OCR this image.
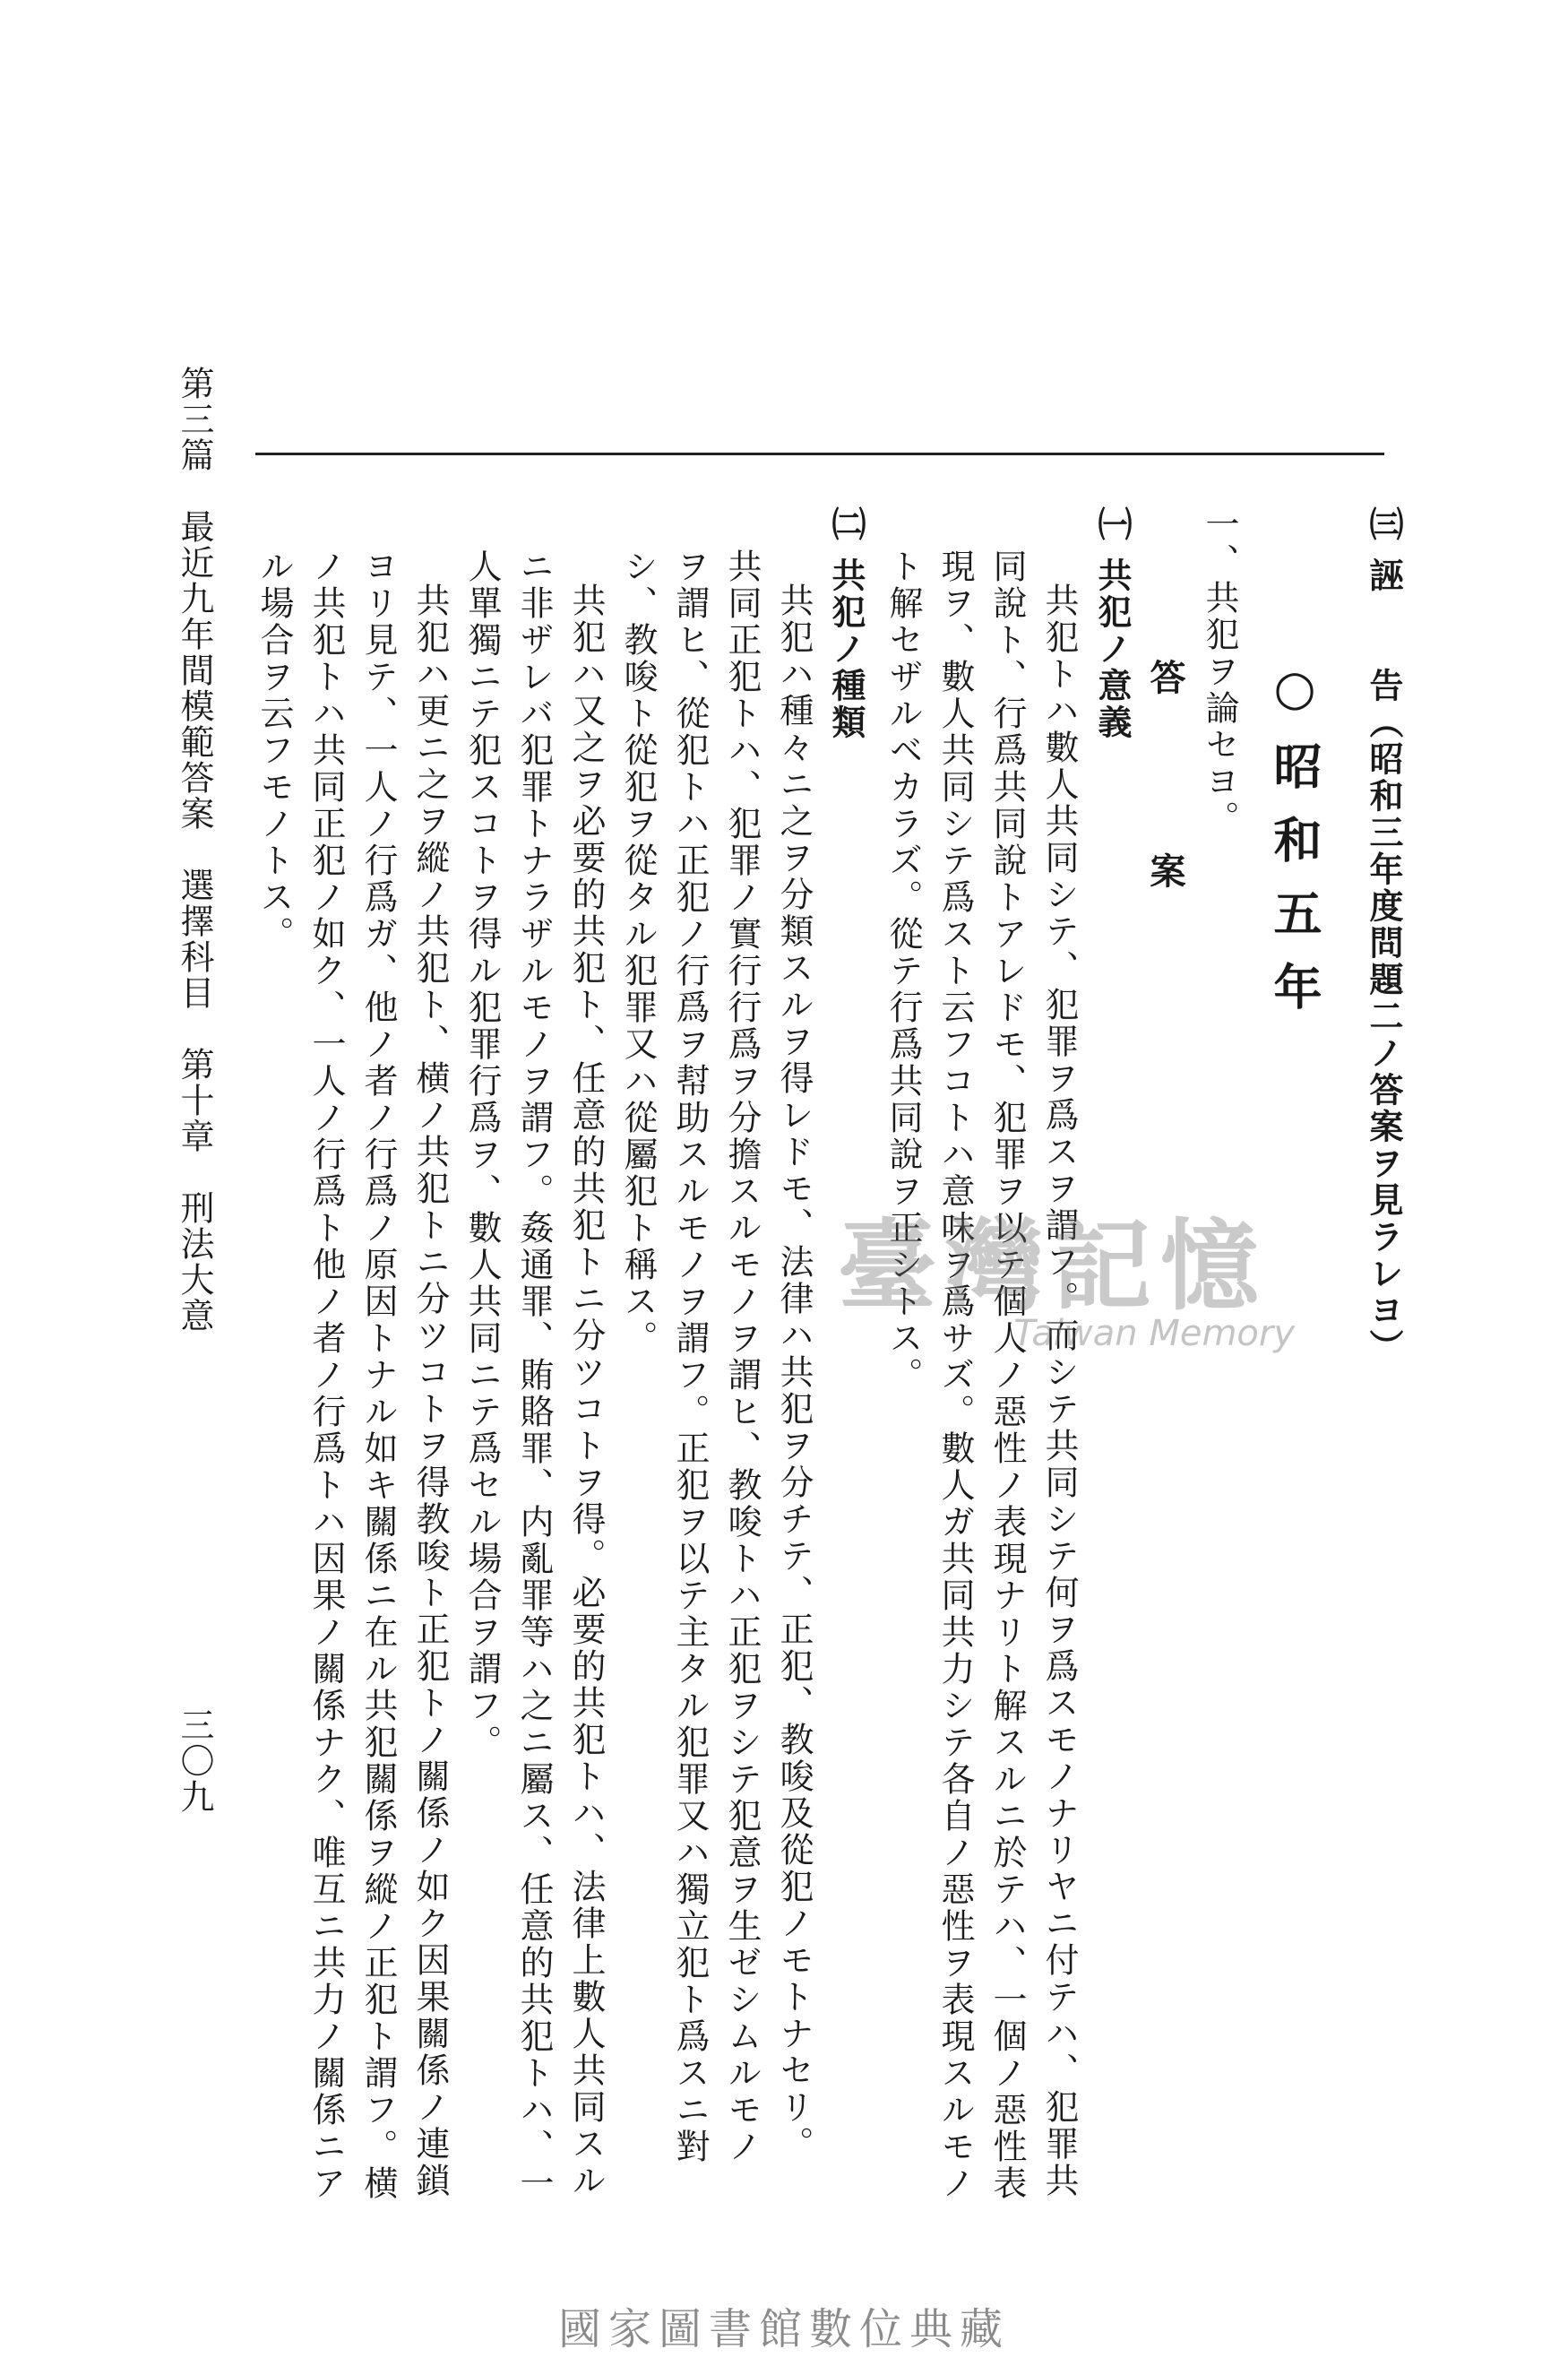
第三篇　最近九年間模範答案　選擇科目　第十章　刑法大意
三〇九
㈢ 誣　　告（昭和三年度問題二ノ答案ヲ見ラレヨ）
○昭和五年
一、共犯ヲ論セヨ。
答　　　案
㈠ 共犯ノ意義
共犯トハ數人共同シテ、犯罪ヲ爲スヲ謂フ。而シテ共同シテ何ヲ爲スモノナリヤニ付テハ、犯罪共
同說ト、行爲共同說トアレドモ、犯罪ヲ以テ個人ノ惡性ノ表現ナリト解スルニ於テハ、一個ノ惡性表
現ヲ、數人共同シテ爲スト云フコトハ意味ヲ爲サズ。數人ガ共同共力シテ各自ノ惡性ヲ表現スルモノ
ト解セザルベカラズ。從テ行爲共同說ヲ正シトス。
㈡ 共犯ノ種類
共犯ハ種々ニ之ヲ分類スルヲ得レドモ、法律ハ共犯ヲ分チテ、正犯、教唆及從犯ノモトナセリ。
共同正犯トハ、犯罪ノ實行行爲ヲ分擔スルモノヲ謂ヒ、教唆トハ正犯ヲシテ犯意ヲ生ゼシムルモノ
ヲ謂ヒ、從犯トハ正犯ノ行爲ヲ幇助スルモノヲ謂フ。正犯ヲ以テ主タル犯罪又ハ獨立犯ト爲スニ對
シ、教唆ト從犯ヲ從タル犯罪又ハ從屬犯ト稱ス。
共犯ハ又之ヲ必要的共犯ト、任意的共犯トニ分ツコトヲ得。必要的共犯トハ、法律上數人共同スル
ニ非ザレバ犯罪トナラザルモノヲ謂フ。姦通罪、賄賂罪、内亂罪等ハ之ニ屬ス、任意的共犯トハ、一
人單獨ニテ犯スコトヲ得ル犯罪行爲ヲ、數人共同ニテ爲セル場合ヲ謂フ。
共犯ハ更ニ之ヲ縱ノ共犯ト、横ノ共犯トニ分ツコトヲ得教唆ト正犯トノ關係ノ如ク因果關係ノ連鎖
ヨリ見テ、一人ノ行爲ガ、他ノ者ノ行爲ノ原因トナル如キ關係ニ在ル共犯關係ヲ縱ノ正犯ト謂フ。横
ノ共犯トハ共同正犯ノ如ク、一人ノ行爲ト他ノ者ノ行爲トハ因果ノ關係ナク、唯互ニ共力ノ關係ニア
ル場合ヲ云フモノトス。
臺灣記憶
Taiwan Memory
國家圖書館數位典藏
